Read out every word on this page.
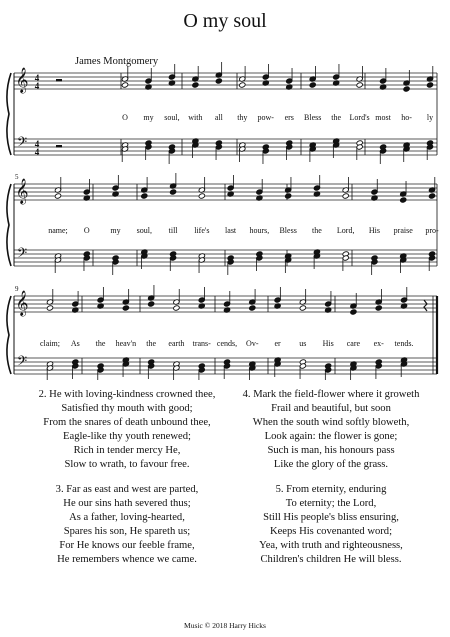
O my soul
James Montgomery
𝄞
𝄢
4
4
4
4
O my soul, with all thy pow- ers Bless the Lord's most ho- ly
𝄞
𝄢
5
name; O	my soul, till life's last hours, Bless the Lord, His praise pro-
𝄞
𝄢
9
claim; As the heav'n the earth trans- cends, Ov- er us His care ex- tends.

2. He with loving-kindness crowned thee,
Satisfied thy mouth with good;
From the snares of death unbound thee,
Eagle-like thy youth renewed;
Rich in tender mercy He,
Slow to wrath, to favour free.

3. Far as east and west are parted,
He our sins hath severed thus;
As a father, loving-hearted,
Spares his son, He spareth us;
For He knows our feeble frame,
He remembers whence we came.

4. Mark the field-flower where it groweth
Frail and beautiful, but soon
When the south wind softly bloweth,
Look again: the flower is gone;
Such is man, his honours pass
Like the glory of the grass.

5. From eternity, enduring
To eternity; the Lord,
Still His people's bliss ensuring,
Keeps His covenanted word;
Yea, with truth and righteousness,
Children's children He will bless.

Music © 2018 Harry Hicks
